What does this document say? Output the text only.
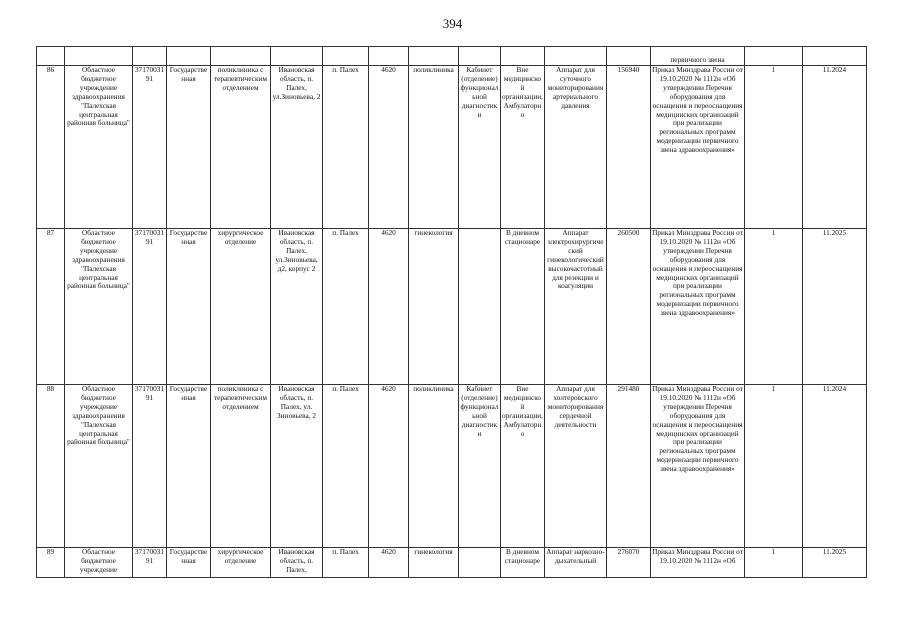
394

													первичного звена		

86	Областное бюджетное учреждение здравоохранения "Палехская центральная районная больница"	3717003191	Государственная	поликлиника с терапевтическим отделением	Ивановская область, п. Палех, ул.Зиновьева, 2	п. Палех	4620	поликлиника	Кабинет (отделение) функциональной диагностики	Вне медицинской организации, Амбулаторно	Аппарат для суточного мониторирования артериального давления	156940	Приказ Минздрава России от 19.10.2020 № 1112н «Об утверждении Перечня оборудования для оснащения и переоснащения медицинских организаций при реализации региональных программ модернизации первичного звена здравоохранения»	1	11.2024
87	Областное бюджетное учреждение здравоохранения "Палехская центральная районная больница"	3717003191	Государственная	хирургическое отделение	Ивановская область, п. Палех, ул.Зиновьева, д2, корпус 2	п. Палех	4620	гинекология		В дневном стационаре	Аппарат электрохирургический гинекологический высокочастотный для резекции и коагуляции	260500	Приказ Минздрава России от 19.10.2020 № 1112н «Об утверждении Перечня оборудования для оснащения и переоснащения медицинских организаций при реализации региональных программ модернизации первичного звена здравоохранения»	1	11.2025
88	Областное бюджетное учреждение здравоохранения "Палехская центральная районная больница"	3717003191	Государственная	поликлиника с терапевтическим отделением	Ивановская область, п. Палех, ул. Зиновьева, 2	п. Палех	4620	поликлиника	Кабинет (отделение) функциональной диагностики	Вне медицинской организации, Амбулаторно	Аппарат для холтеровского мониторирования сердечной деятельности	291480	Приказ Минздрава России от 19.10.2020 № 1112н «Об утверждении Перечня оборудования для оснащения и переоснащения медицинских организаций при реализации региональных программ модернизации первичного звена здравоохранения»	1	11.2024

89	Областное бюджетное учреждение	3717003191	Государственная	хирургическое отделение	Ивановская область, п. Палех,	п. Палех	4620	гинекология		В дневном стационаре	Аппарат наркозно-дыхательный	276070	Приказ Минздрава России от 19.10.2020 № 1112н «Об	1	11.2025
